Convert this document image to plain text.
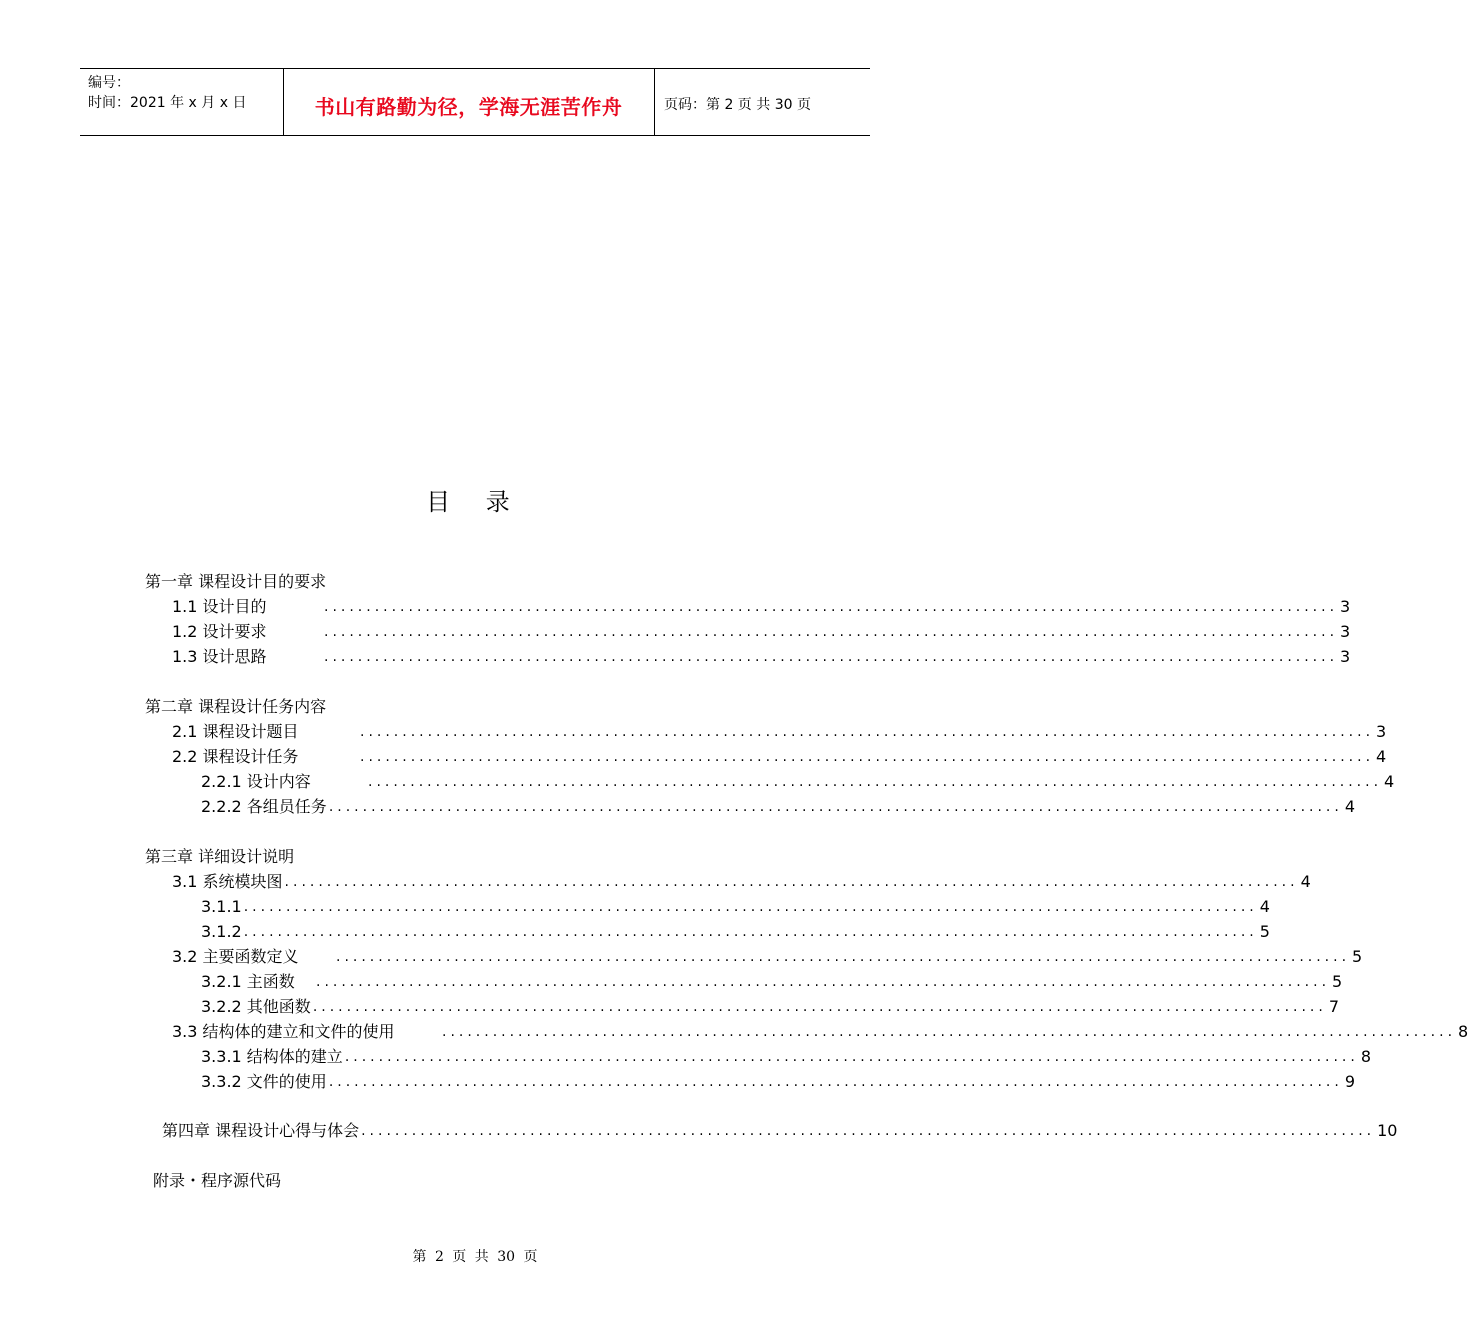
编号：
时间：2021 年 x 月 x 日	书山有路勤为径，学海无涯苦作舟	页码：第 2 页 共 30 页
目 录
第一章 课程设计目的要求
1.1 设计目的	........................................................................................................................ 3
1.2 设计要求	........................................................................................................................ 3
1.3 设计思路	........................................................................................................................ 3
第二章 课程设计任务内容
2.1 课程设计题目	........................................................................................................................ 3
2.2 课程设计任务	........................................................................................................................ 4
2.2.1 设计内容	........................................................................................................................ 4
2.2.2 各组员任务 ........................................................................................................................ 4
第三章 详细设计说明
3.1 系统模块图 ........................................................................................................................ 4
3.1.1 ........................................................................................................................ 4
3.1.2 ........................................................................................................................ 5
3.2 主要函数定义	........................................................................................................................ 5
3.2.1 主函数	........................................................................................................................ 5
3.2.2 其他函数 ........................................................................................................................ 7
3.3 结构体的建立和文件的使用	........................................................................................................................ 8
3.3.1 结构体的建立 ........................................................................................................................ 8
3.3.2 文件的使用 ........................................................................................................................ 9
第四章 课程设计心得与体会 ........................................................................................................................ 10
附录・程序源代码
第 2 页 共 30 页
